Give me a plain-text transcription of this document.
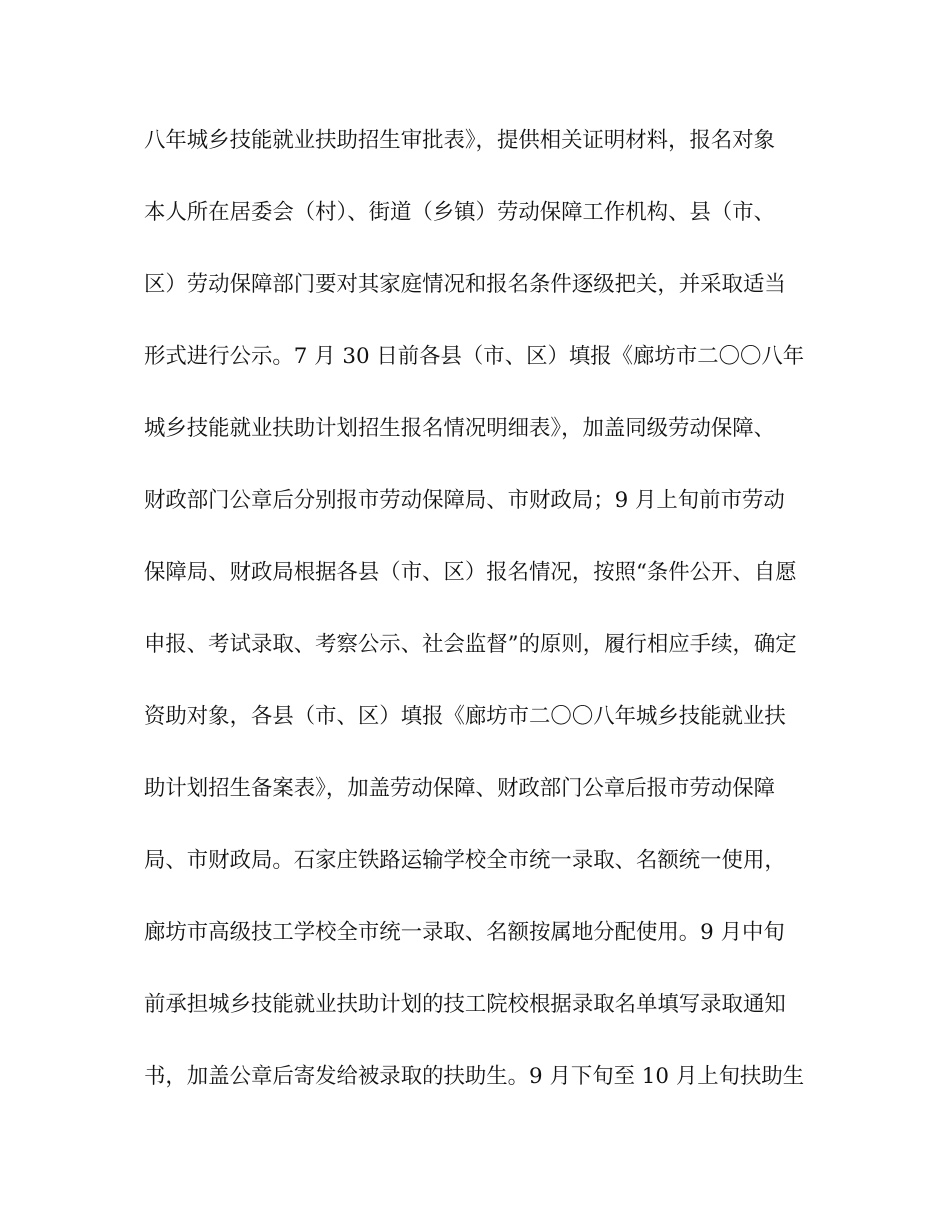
八年城乡技能就业扶助招生审批表》，提供相关证明材料，报名对象
本人所在居委会（村）、街道（乡镇）劳动保障工作机构、县（市、
区）劳动保障部门要对其家庭情况和报名条件逐级把关，并采取适当
形式进行公示。7 月 30 日前各县（市、区）填报《廊坊市二〇〇八年
城乡技能就业扶助计划招生报名情况明细表》，加盖同级劳动保障、
财政部门公章后分别报市劳动保障局、市财政局；9 月上旬前市劳动
保障局、财政局根据各县（市、区）报名情况，按照“条件公开、自愿
申报、考试录取、考察公示、社会监督”的原则，履行相应手续，确定
资助对象，各县（市、区）填报《廊坊市二〇〇八年城乡技能就业扶
助计划招生备案表》，加盖劳动保障、财政部门公章后报市劳动保障
局、市财政局。石家庄铁路运输学校全市统一录取、名额统一使用，
廊坊市高级技工学校全市统一录取、名额按属地分配使用。9 月中旬
前承担城乡技能就业扶助计划的技工院校根据录取名单填写录取通知
书，加盖公章后寄发给被录取的扶助生。9 月下旬至 10 月上旬扶助生
